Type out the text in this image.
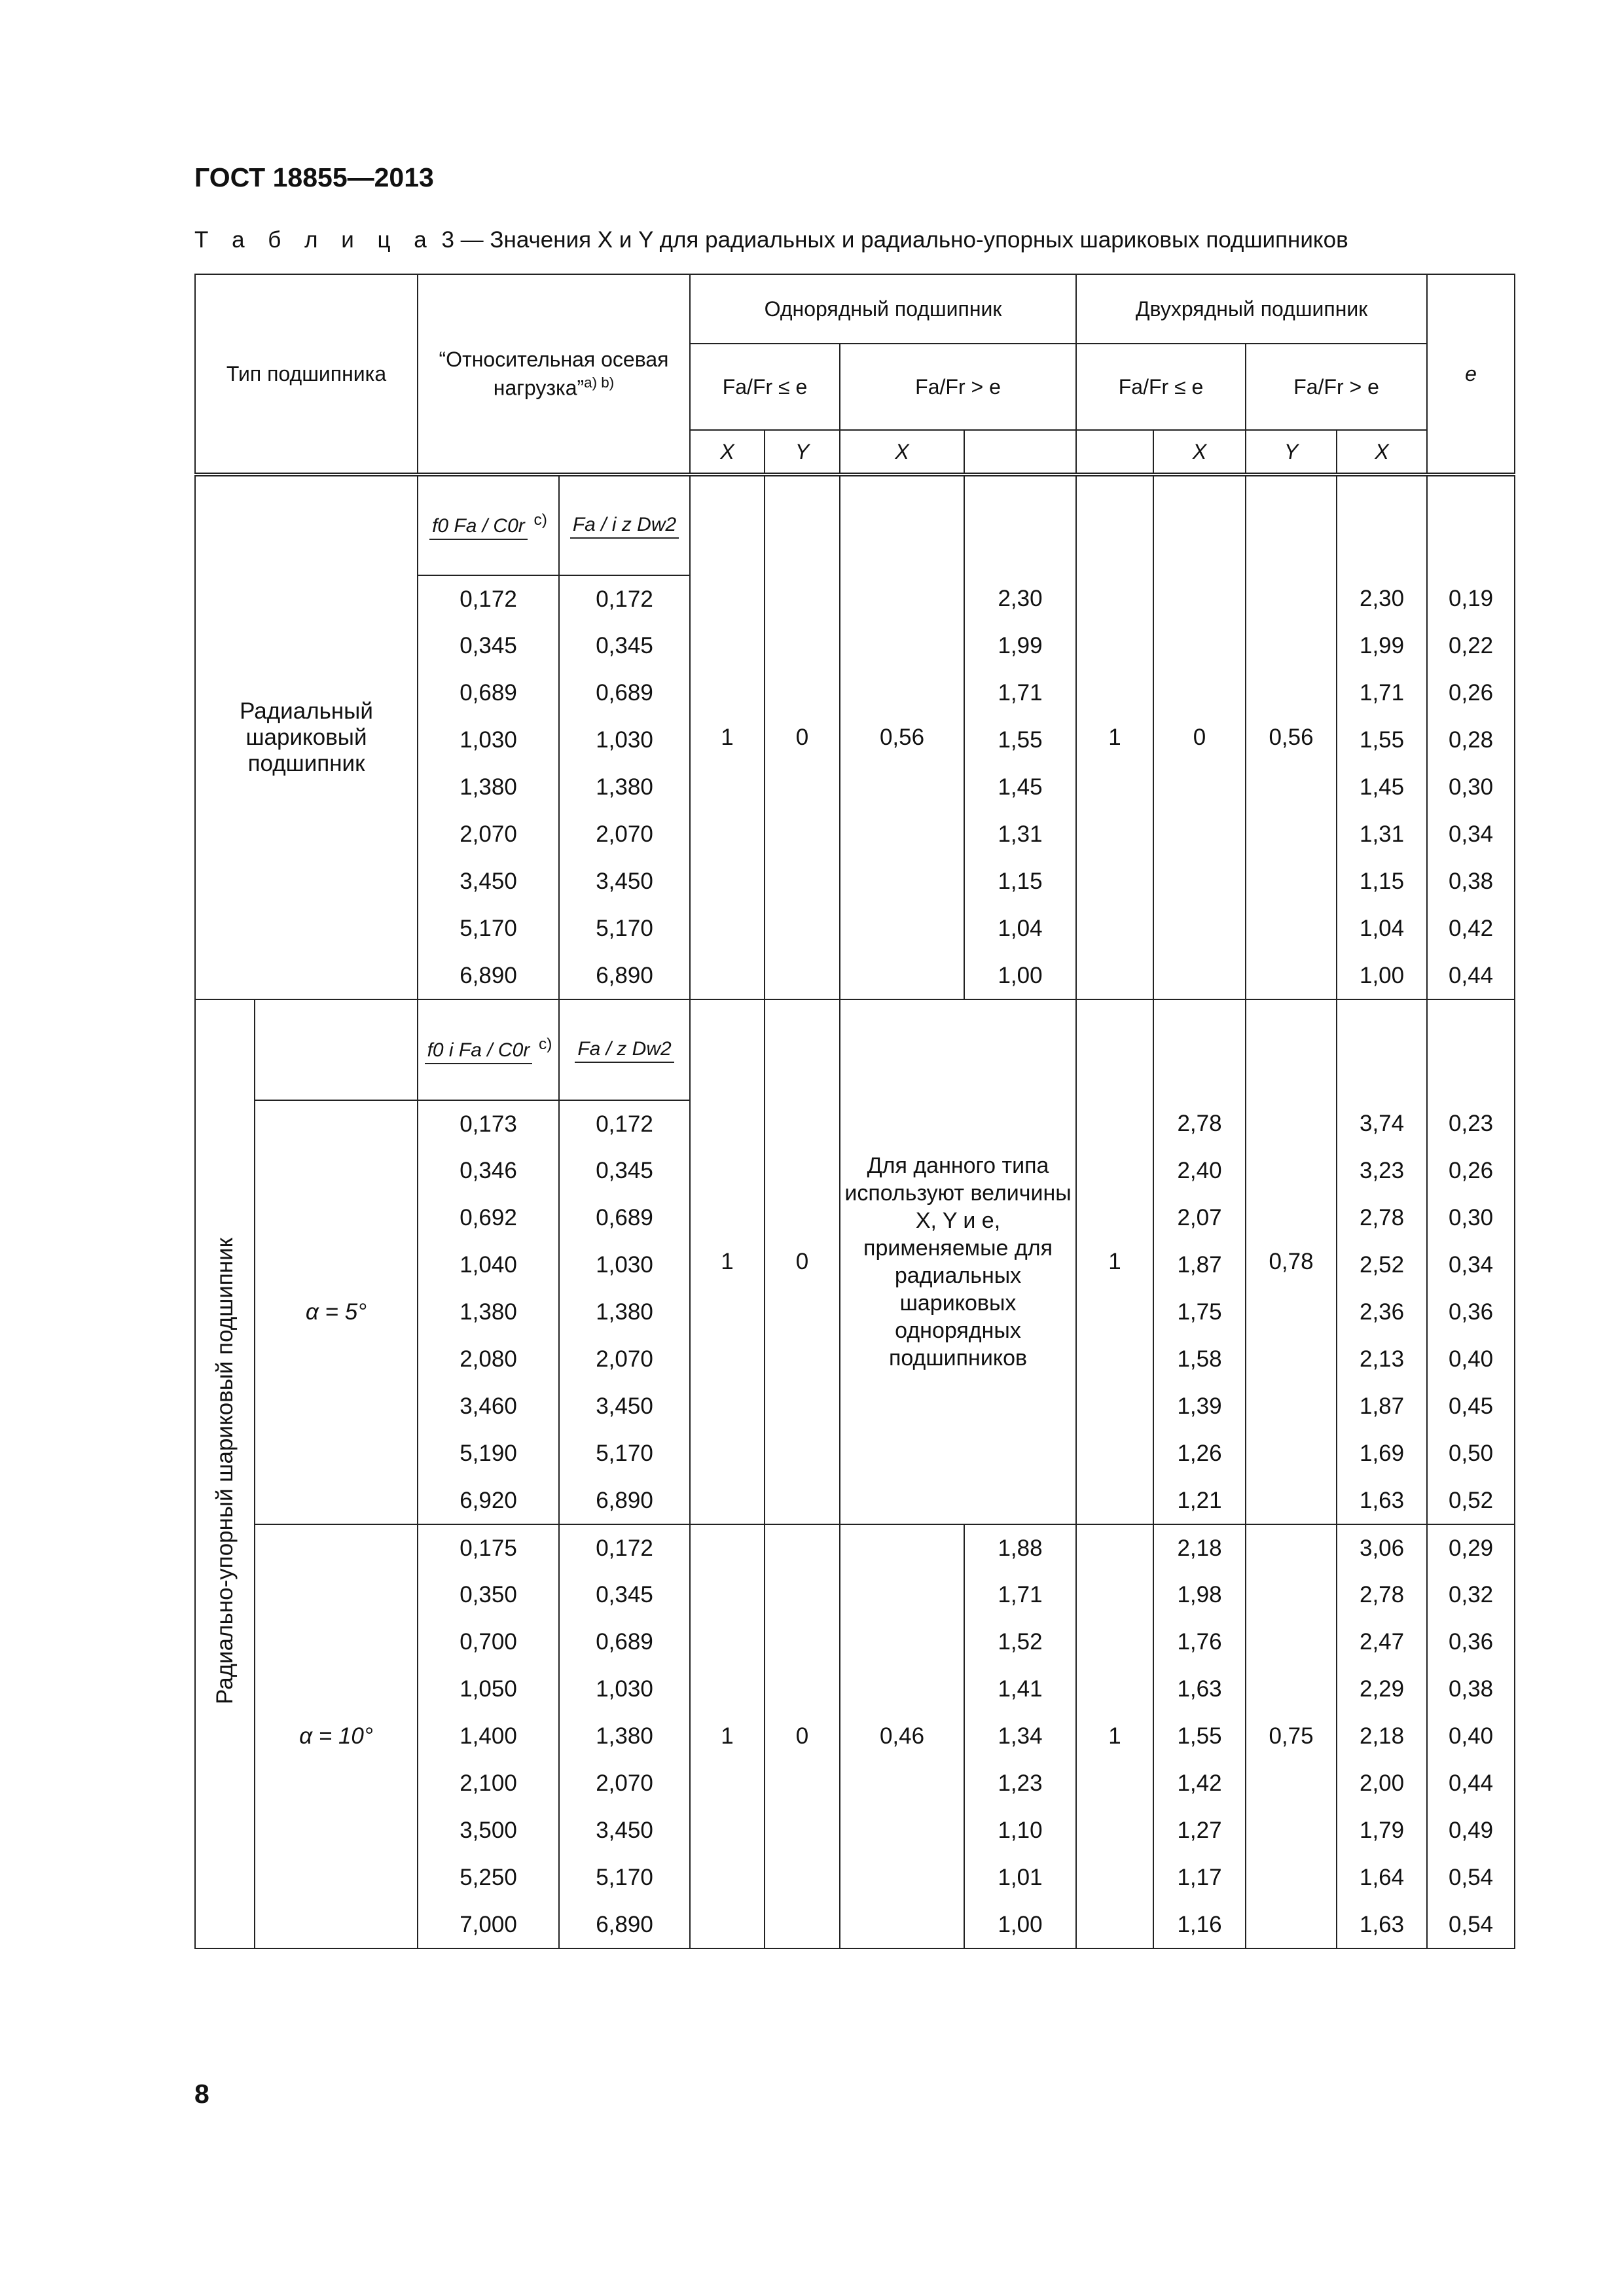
ГОСТ 18855—2013
Т а б л и ц а 3 — Значения X и Y для радиальных и радиально-упорных шариковых подшипников
Тип подшипника		“Относительная осевая нагрузка”$^{а) b)}$		Однорядный подшипник				Двухрядный подшипник				e
				Fa/Fr ≤ e		Fa/Fr > e		Fa/Fr ≤ e		Fa/Fr > e		
				X	Y	X			X	Y	X	
Радиальный шариковый подшипник		f0 Fa / C0r $^{c)}$	Fa / i z Dw2	1	0	0,56		1	0	0,56		
		0,172	0,172				2,30				2,30	0,19
		0,345	0,345				1,99				1,99	0,22
		0,689	0,689				1,71				1,71	0,26
		1,030	1,030				1,55				1,55	0,28
		1,380	1,380				1,45				1,45	0,30
		2,070	2,070				1,31				1,31	0,34
		3,450	3,450				1,15				1,15	0,38
		5,170	5,170				1,04				1,04	0,42
		6,890	6,890				1,00				1,00	0,44
Радиально-упорный шариковый подшипник		f0 i Fa / C0r $^{c)}$	Fa / z Dw2	1	0	Для данного типа используют величины X, Y и e, применяемые для радиальных шариковых однорядных подшипников		1		0,78		
	α = 5°	0,173	0,172						2,78		3,74	0,23
		0,346	0,345						2,40		3,23	0,26
		0,692	0,689						2,07		2,78	0,30
		1,040	1,030						1,87		2,52	0,34
		1,380	1,380						1,75		2,36	0,36
		2,080	2,070						1,58		2,13	0,40
		3,460	3,450						1,39		1,87	0,45
		5,190	5,170						1,26		1,69	0,50
		6,920	6,890						1,21		1,63	0,52
	α = 10°	0,175	0,172	1	0	0,46	1,88	1	2,18	0,75	3,06	0,29
		0,350	0,345				1,71		1,98		2,78	0,32
		0,700	0,689				1,52		1,76		2,47	0,36
		1,050	1,030				1,41		1,63		2,29	0,38
		1,400	1,380				1,34		1,55		2,18	0,40
		2,100	2,070				1,23		1,42		2,00	0,44
		3,500	3,450				1,10		1,27		1,79	0,49
		5,250	5,170				1,01		1,17		1,64	0,54
		7,000	6,890				1,00		1,16		1,63	0,54
8
